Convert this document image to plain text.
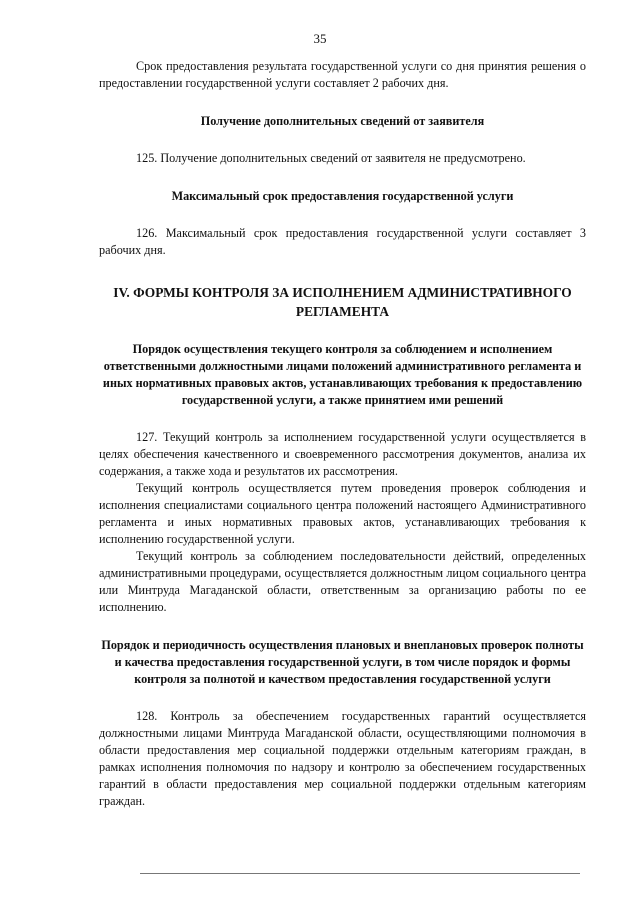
35

Срок предоставления результата государственной услуги со дня принятия решения о предоставлении государственной услуги составляет 2 рабочих дня.

Получение дополнительных сведений от заявителя

125. Получение дополнительных сведений от заявителя не предусмотрено.

Максимальный срок предоставления государственной услуги

126. Максимальный срок предоставления государственной услуги составляет 3 рабочих дня.

IV. ФОРМЫ КОНТРОЛЯ ЗА ИСПОЛНЕНИЕМ АДМИНИСТРАТИВНОГО

РЕГЛАМЕНТА

Порядок осуществления текущего контроля за соблюдением и исполнением ответственными должностными лицами положений административного регламента и иных нормативных правовых актов, устанавливающих требования к предоставлению государственной услуги, а также принятием ими решений

127. Текущий контроль за исполнением государственной услуги осуществляется в целях обеспечения качественного и своевременного рассмотрения документов, анализа их содержания, а также хода и результатов их рассмотрения.

Текущий контроль осуществляется путем проведения проверок соблюдения и исполнения специалистами социального центра положений настоящего Административного регламента и иных нормативных правовых актов, устанавливающих требования к исполнению государственной услуги.

Текущий контроль за соблюдением последовательности действий, определенных административными процедурами, осуществляется должностным лицом социального центра или Минтруда Магаданской области, ответственным за организацию работы по ее исполнению.

Порядок и периодичность осуществления плановых и внеплановых проверок полноты и качества предоставления государственной услуги, в том числе порядок и формы контроля за полнотой и качеством предоставления государственной услуги

128. Контроль за обеспечением государственных гарантий осуществляется должностными лицами Минтруда Магаданской области, осуществляющими полномочия в области предоставления мер социальной поддержки отдельным категориям граждан, в рамках исполнения полномочия по надзору и контролю за обеспечением государственных гарантий в области предоставления мер социальной поддержки отдельным категориям граждан.
